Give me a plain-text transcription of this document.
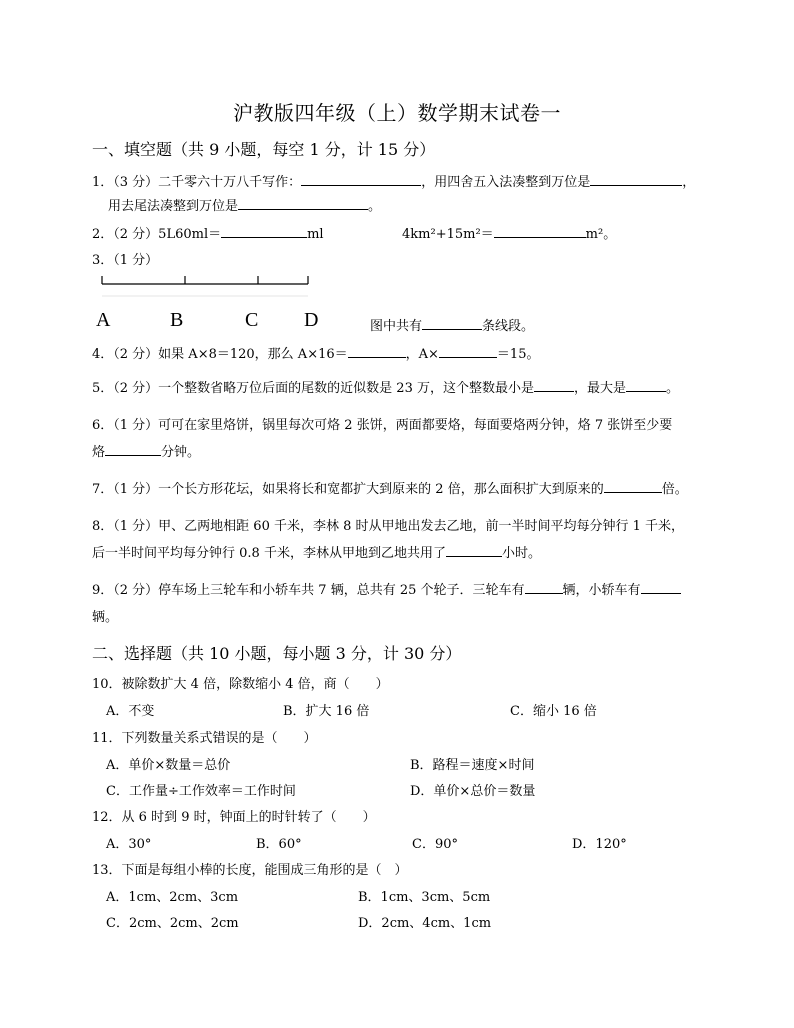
沪教版四年级（上）数学期末试卷一
一、填空题（共 9 小题，每空 1 分，计 15 分）
1．（3 分）二千零六十万八千写作：	，用四舍五入法凑整到万位是	，
用去尾法凑整到万位是	。
2．（2 分）5L60ml＝	ml	4km²+15m²＝	m²。
3．（1 分）
A	B	C D	图中共有	条线段。
4．（2 分）如果 A×8＝120，那么 A×16＝	，A×	＝15。
5．（2 分）一个整数省略万位后面的尾数的近似数是 23 万，这个整数最小是	，最大是	。
6．（1 分）可可在家里烙饼，锅里每次可烙 2 张饼，两面都要烙，每面要烙两分钟，烙 7 张饼至少要
烙	分钟。
7．（1 分）一个长方形花坛，如果将长和宽都扩大到原来的 2 倍，那么面积扩大到原来的	倍。
8．（1 分）甲、乙两地相距 60 千米，李林 8 时从甲地出发去乙地，前一半时间平均每分钟行 1 千米，
后一半时间平均每分钟行 0.8 千米，李林从甲地到乙地共用了	小时。
9．（2 分）停车场上三轮车和小轿车共 7 辆，总共有 25 个轮子．三轮车有	辆，小轿车有
辆。
二、选择题（共 10 小题，每小题 3 分，计 30 分）
10．被除数扩大 4 倍，除数缩小 4 倍，商（　　）
A．不变	B．扩大 16 倍	C．缩小 16 倍
11．下列数量关系式错误的是（　　）
A．单价×数量＝总价	B．路程＝速度×时间
C．工作量÷工作效率＝工作时间	D．单价×总价＝数量
12．从 6 时到 9 时，钟面上的时针转了（　　）
A．30°	B．60°	C．90°	D．120°
13．下面是每组小棒的长度，能围成三角形的是（　）
A．1cm、2cm、3cm	B．1cm、3cm、5cm
C．2cm、2cm、2cm	D．2cm、4cm、1cm
